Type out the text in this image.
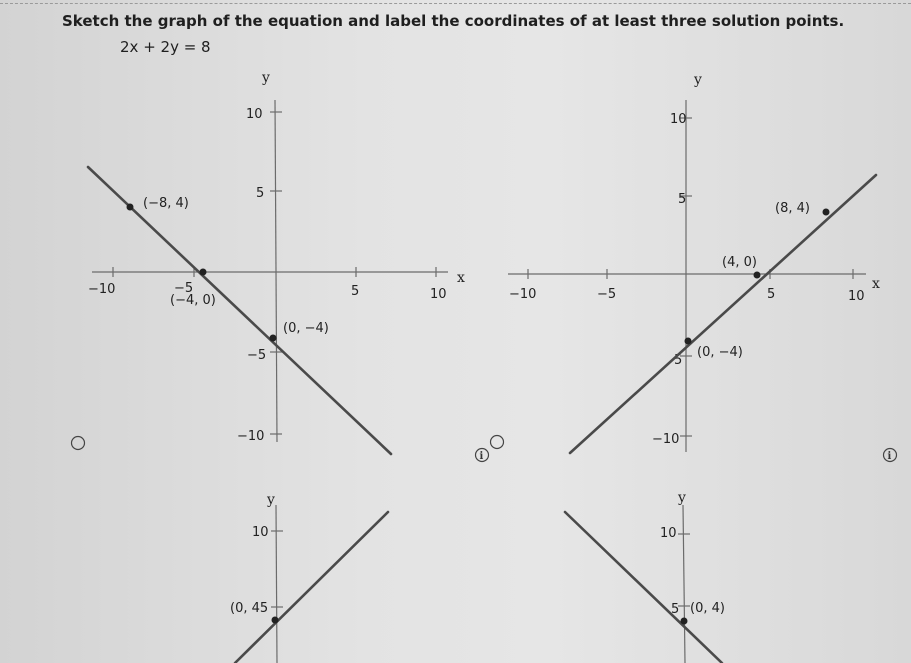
Sketch the graph of the equation and label the coordinates of at least three solution points.
2x + 2y = 8
y
x
10
5
−5
−10
−10	5	10
(−8, 4)
(−4, 0)
−5
(0, −4)
i
y
x
10
5
5
−10
−10	−5	5	10
(8, 4)
(4, 0)
(0, −4)
i
y
10
(0, 45
y
10
5 (0, 4)
